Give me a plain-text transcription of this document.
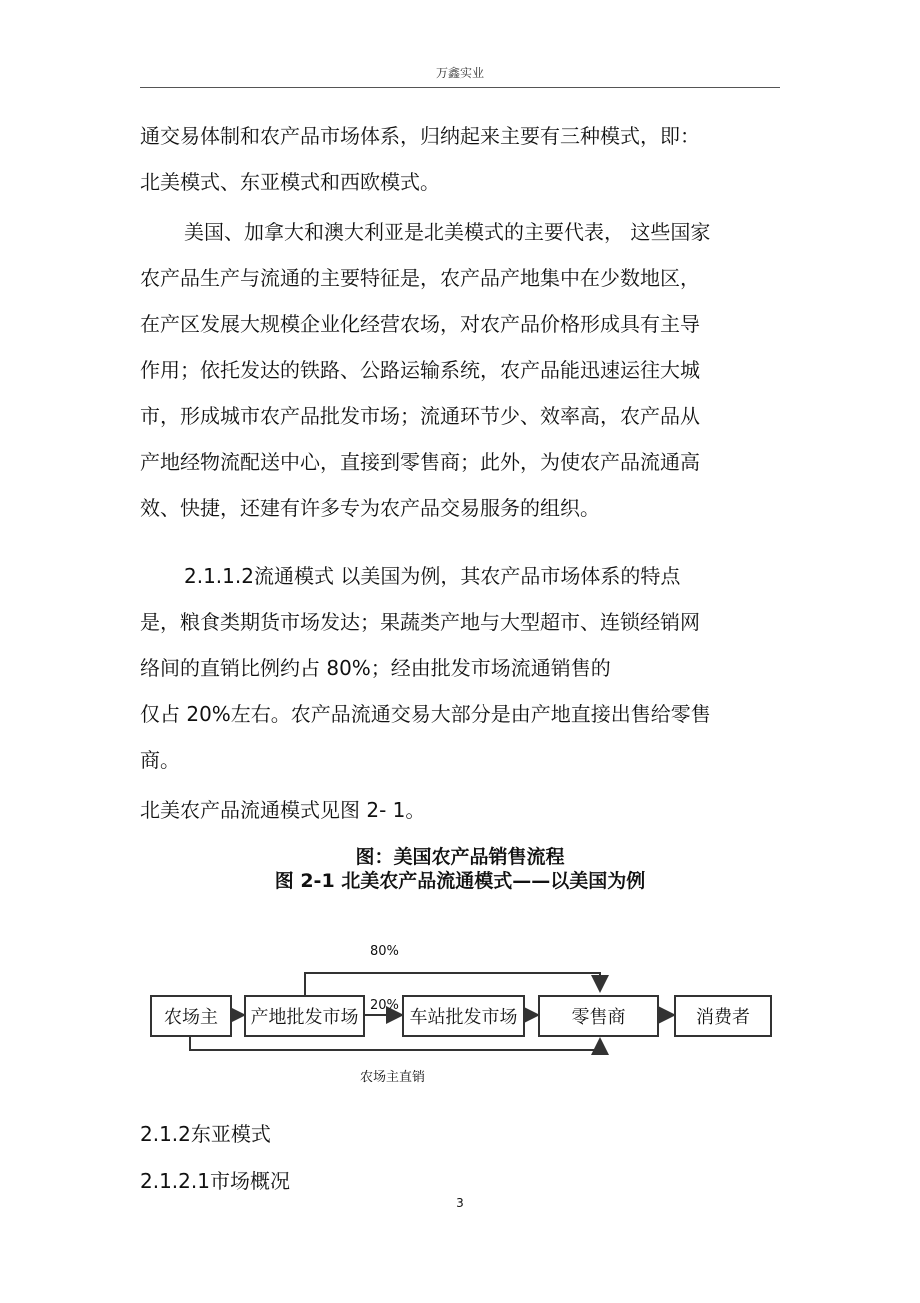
万鑫实业
通交易体制和农产品市场体系，归纳起来主要有三种模式，即：
北美模式、东亚模式和西欧模式。
美国、加拿大和澳大利亚是北美模式的主要代表， 这些国家
农产品生产与流通的主要特征是，农产品产地集中在少数地区，
在产区发展大规模企业化经营农场，对农产品价格形成具有主导
作用；依托发达的铁路、公路运输系统，农产品能迅速运往大城
市，形成城市农产品批发市场；流通环节少、效率高，农产品从
产地经物流配送中心，直接到零售商；此外，为使农产品流通高
效、快捷，还建有许多专为农产品交易服务的组织。
2.1.1.2流通模式 以美国为例，其农产品市场体系的特点
是，粮食类期货市场发达；果蔬类产地与大型超市、连锁经销网
络间的直销比例约占 80%；经由批发市场流通销售的
仅占 20%左右。农产品流通交易大部分是由产地直接出售给零售
商。
北美农产品流通模式见图 2- 1。
图：美国农产品销售流程
图 2-1 北美农产品流通模式——以美国为例
80%
20%
农场主直销
农场主	产地批发市场	车站批发市场	零售商	消费者
2.1.2东亚模式
2.1.2.1市场概况
3
